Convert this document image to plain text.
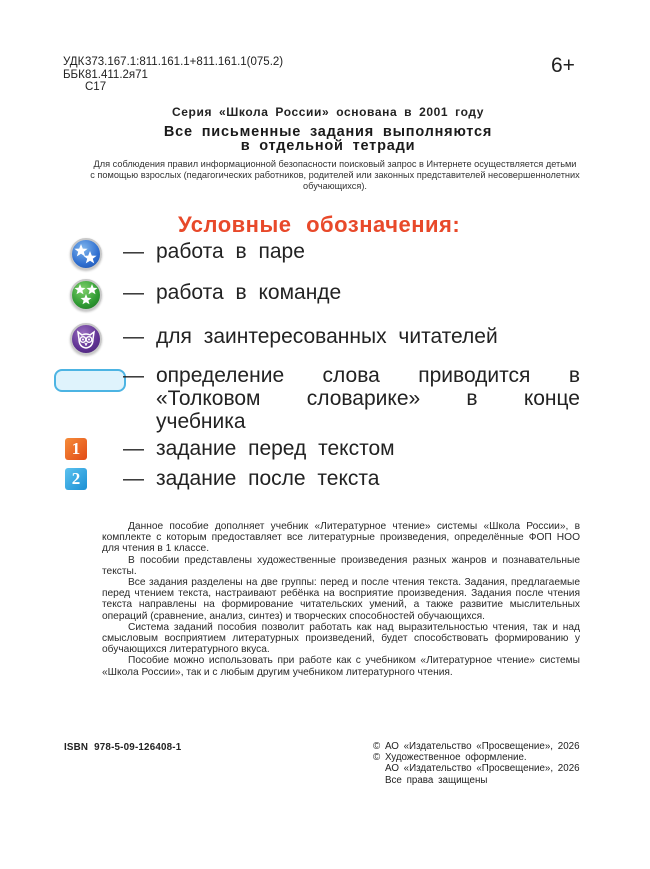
УДК 373.167.1:811.161.1+811.161.1(075.2)
ББК 81.411.2я71
С17
6+
Серия «Школа России» основана в 2001 году
Все письменные задания выполняются
в отдельной тетради
Для соблюдения правил информационной безопасности поисковый запрос в Интернете осуществляется детьми с помощью взрослых (педагогических работников, родителей или законных представителей несовершеннолетних обучающихся).
Условные обозначения:
— работа в паре
— работа в команде
— для заинтересованных читателей
— определение слова приводится в «Толковом словарике» в конце учебника
1	— задание перед текстом
2	— задание после текста

Данное пособие дополняет учебник «Литературное чтение» системы «Школа России», в комплекте с которым предоставляет все литературные произведения, определённые ФОП НОО для чтения в 1 классе.

В пособии представлены художественные произведения разных жанров и познавательные тексты.

Все задания разделены на две группы: перед и после чтения текста. Задания, предлагаемые перед чтением текста, настраивают ребёнка на восприятие произведения. Задания после чтения текста направлены на формирование читательских умений, а также развитие мыслительных операций (сравнение, анализ, синтез) и творческих способностей обучающихся.

Система заданий пособия позволит работать как над выразительностью чтения, так и над смысловым восприятием литературных произведений, будет способствовать формированию у обучающихся литературного вкуса.

Пособие можно использовать при работе как с учебником «Литературное чтение» системы «Школа России», так и с любым другим учебником литературного чтения.

ISBN 978-5-09-126408-1	© АО «Издательство «Просвещение», 2026
© Художественное оформление.
АО «Издательство «Просвещение», 2026
Все права защищены
